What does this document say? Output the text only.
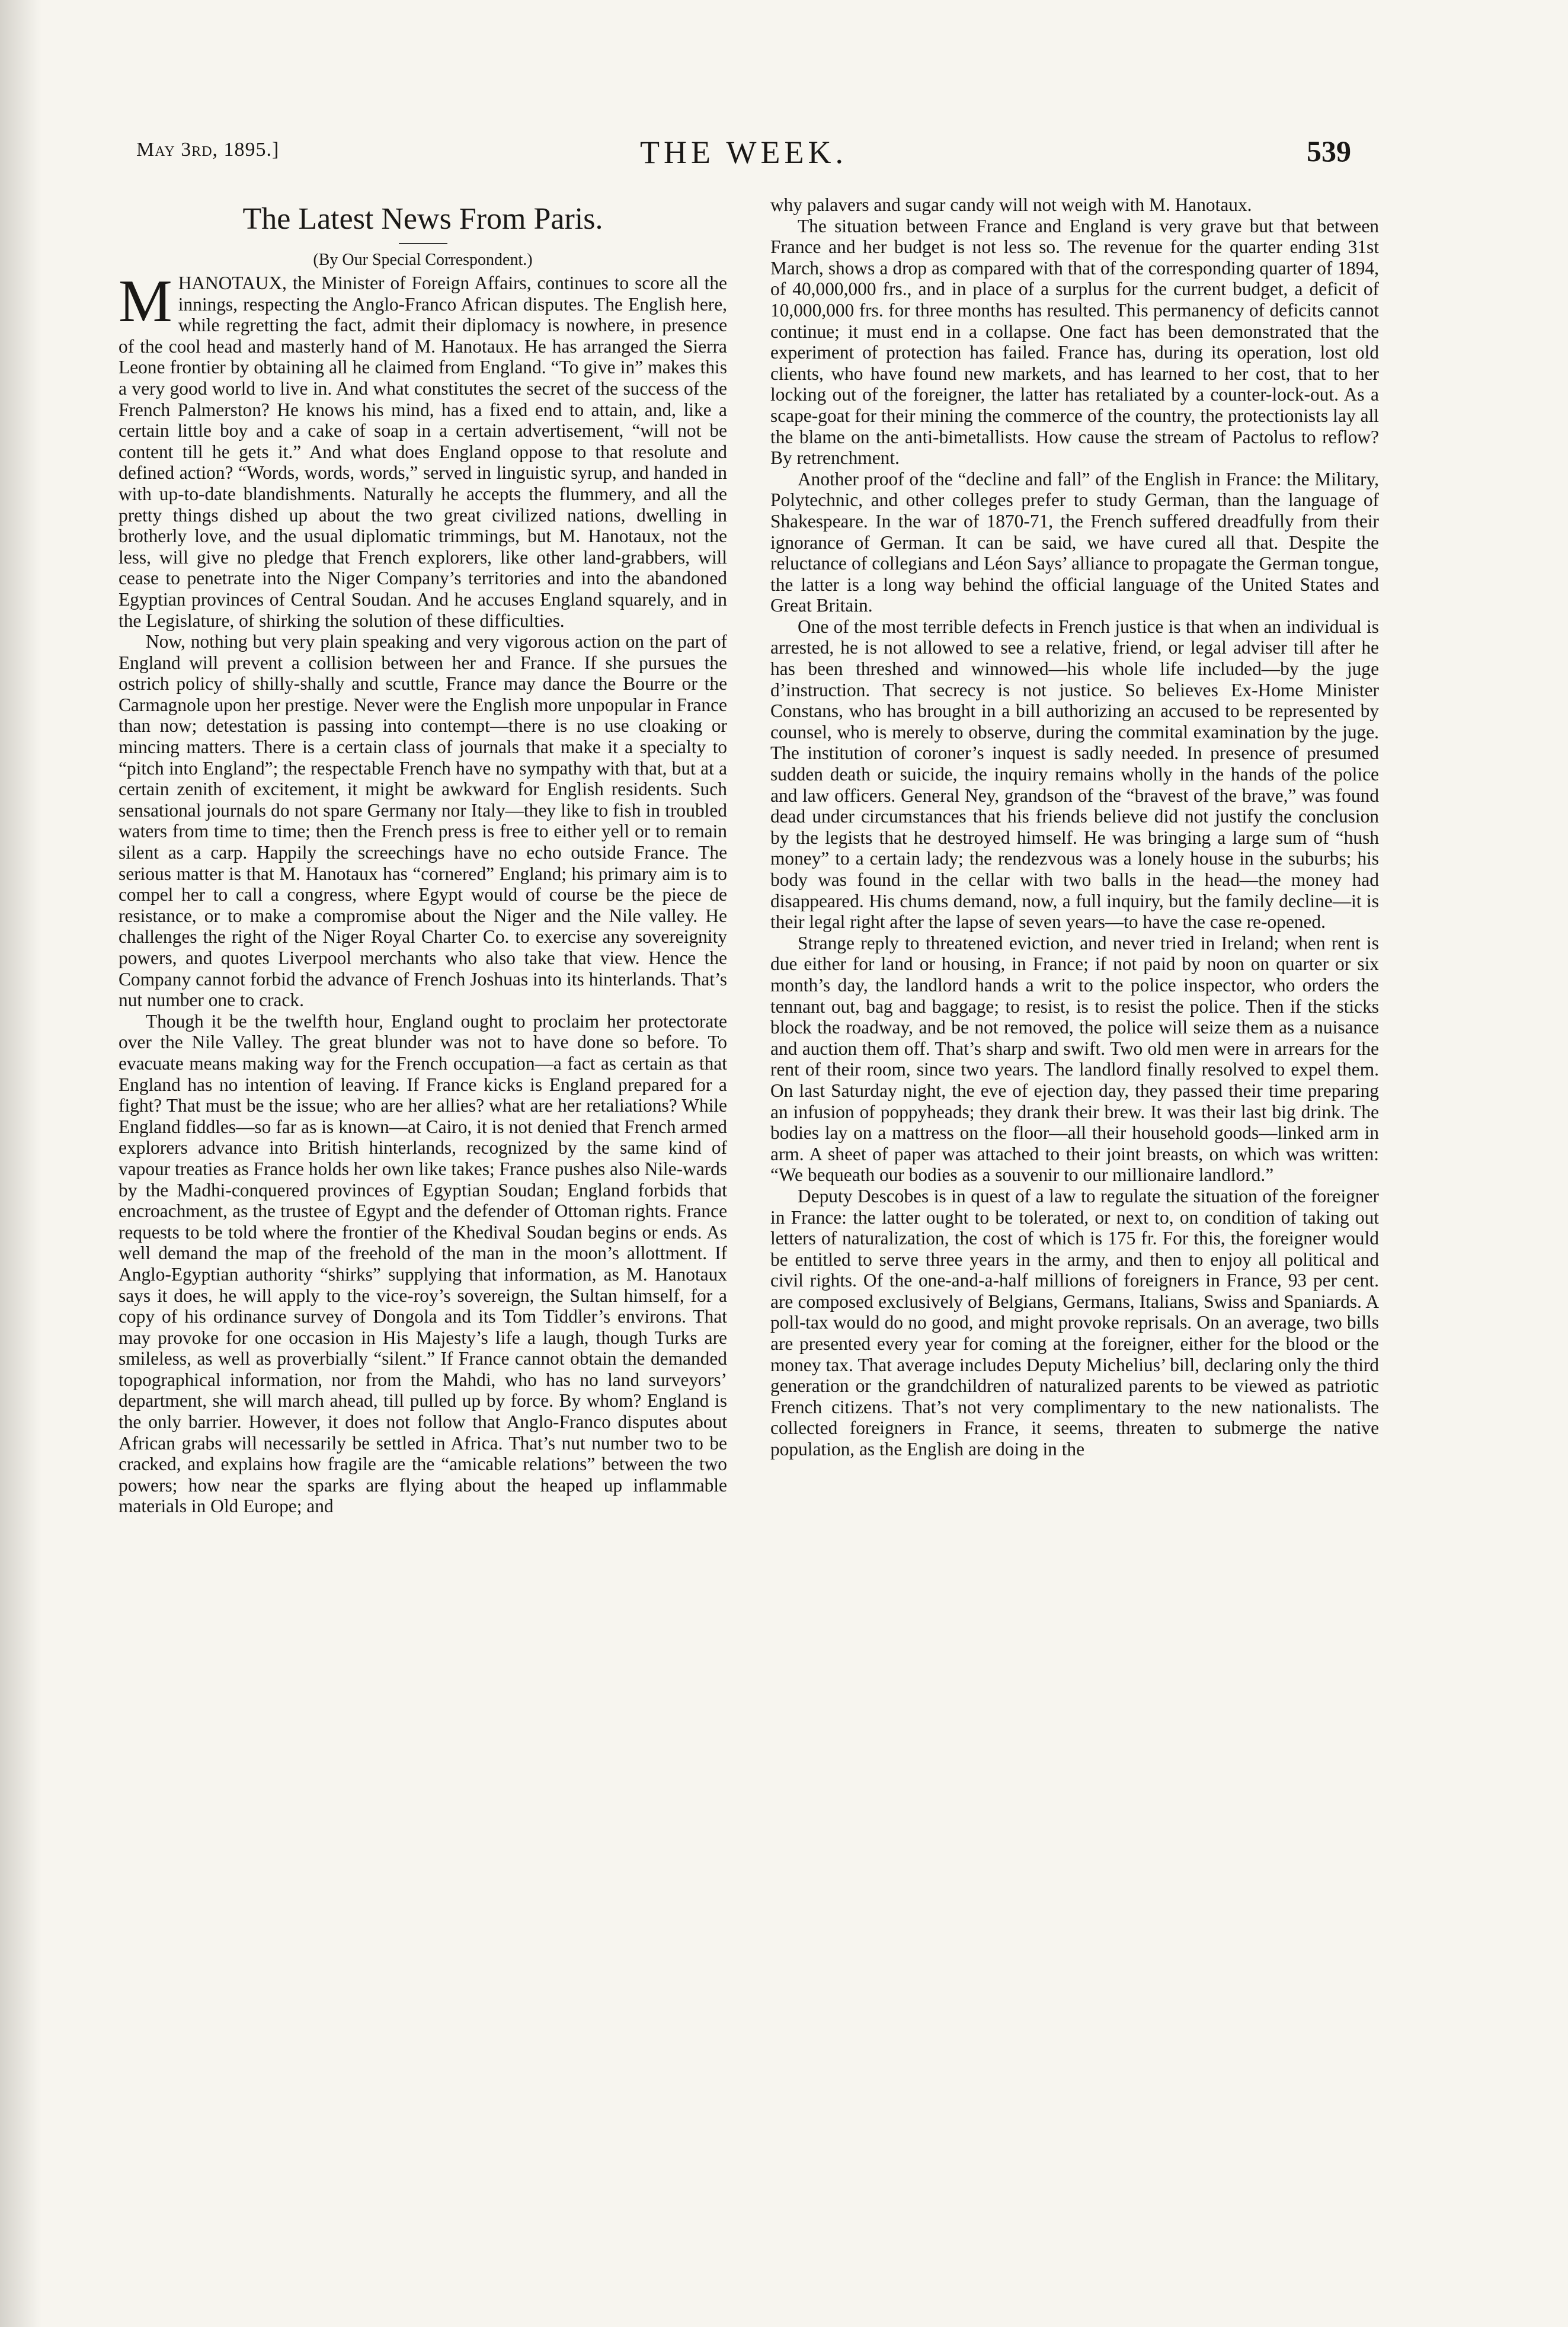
May 3rd, 1895.]	THE WEEK.	539
The Latest News From Paris.
(By Our Special Correspondent.)

MHANOTAUX, the Minister of Foreign Affairs, continues to score all the innings, respecting the Anglo-Franco African disputes. The English here, while regretting the fact, admit their diplomacy is nowhere, in presence of the cool head and masterly hand of M. Hanotaux. He has arranged the Sierra Leone frontier by obtaining all he claimed from England. “To give in” makes this a very good world to live in. And what constitutes the secret of the success of the French Palmerston? He knows his mind, has a fixed end to attain, and, like a certain little boy and a cake of soap in a certain advertisement, “will not be content till he gets it.” And what does England oppose to that resolute and defined action? “Words, words, words,” served in linguistic syrup, and handed in with up-to-date blandishments. Naturally he accepts the flummery, and all the pretty things dished up about the two great civilized nations, dwelling in brotherly love, and the usual diplomatic trimmings, but M. Hanotaux, not the less, will give no pledge that French explorers, like other land-grabbers, will cease to penetrate into the Niger Company’s territories and into the abandoned Egyptian provinces of Central Soudan. And he accuses England squarely, and in the Legislature, of shirking the solution of these difficulties.

Now, nothing but very plain speaking and very vigorous action on the part of England will prevent a collision between her and France. If she pursues the ostrich policy of shilly-shally and scuttle, France may dance the Bourre or the Carmagnole upon her prestige. Never were the English more unpopular in France than now; detestation is passing into contempt—there is no use cloaking or mincing matters. There is a certain class of journals that make it a specialty to “pitch into England”; the respectable French have no sympathy with that, but at a certain zenith of excitement, it might be awkward for English residents. Such sensational journals do not spare Germany nor Italy—they like to fish in troubled waters from time to time; then the French press is free to either yell or to remain silent as a carp. Happily the screechings have no echo outside France. The serious matter is that M. Hanotaux has “cornered” England; his primary aim is to compel her to call a congress, where Egypt would of course be the piece de resistance, or to make a compromise about the Niger and the Nile valley. He challenges the right of the Niger Royal Charter Co. to exercise any sovereignity powers, and quotes Liverpool merchants who also take that view. Hence the Company cannot forbid the advance of French Joshuas into its hinterlands. That’s nut number one to crack.

Though it be the twelfth hour, England ought to proclaim her protectorate over the Nile Valley. The great blunder was not to have done so before. To evacuate means making way for the French occupation—a fact as certain as that England has no intention of leaving. If France kicks is England prepared for a fight? That must be the issue; who are her allies? what are her retaliations? While England fiddles—so far as is known—at Cairo, it is not denied that French armed explorers advance into British hinterlands, recognized by the same kind of vapour treaties as France holds her own like takes; France pushes also Nile-wards by the Madhi-conquered provinces of Egyptian Soudan; England forbids that encroachment, as the trustee of Egypt and the defender of Ottoman rights. France requests to be told where the frontier of the Khedival Soudan begins or ends. As well demand the map of the freehold of the man in the moon’s allottment. If Anglo-Egyptian authority “shirks” supplying that information, as M. Hanotaux says it does, he will apply to the vice-roy’s sovereign, the Sultan himself, for a copy of his ordinance survey of Dongola and its Tom Tiddler’s environs. That may provoke for one occasion in His Majesty’s life a laugh, though Turks are smileless, as well as proverbially “silent.” If France cannot obtain the demanded topographical information, nor from the Mahdi, who has no land surveyors’ department, she will march ahead, till pulled up by force. By whom? England is the only barrier. However, it does not follow that Anglo-Franco disputes about African grabs will necessarily be settled in Africa. That’s nut number two to be cracked, and explains how fragile are the “amicable relations” between the two powers; how near the sparks are flying about the heaped up inflammable materials in Old Europe; and

why palavers and sugar candy will not weigh with M. Hanotaux.

The situation between France and England is very grave but that between France and her budget is not less so. The revenue for the quarter ending 31st March, shows a drop as compared with that of the corresponding quarter of 1894, of 40,000,000 frs., and in place of a surplus for the current budget, a deficit of 10,000,000 frs. for three months has resulted. This permanency of deficits cannot continue; it must end in a collapse. One fact has been demonstrated that the experiment of protection has failed. France has, during its operation, lost old clients, who have found new markets, and has learned to her cost, that to her locking out of the foreigner, the latter has retaliated by a counter-lock-out. As a scape-goat for their mining the commerce of the country, the protectionists lay all the blame on the anti-bimetallists. How cause the stream of Pactolus to reflow? By retrenchment.

Another proof of the “decline and fall” of the English in France: the Military, Polytechnic, and other colleges prefer to study German, than the language of Shakespeare. In the war of 1870-71, the French suffered dreadfully from their ignorance of German. It can be said, we have cured all that. Despite the reluctance of collegians and Léon Says’ alliance to propagate the German tongue, the latter is a long way behind the official language of the United States and Great Britain.

One of the most terrible defects in French justice is that when an individual is arrested, he is not allowed to see a relative, friend, or legal adviser till after he has been threshed and winnowed—his whole life included—by the juge d’instruction. That secrecy is not justice. So believes Ex-Home Minister Constans, who has brought in a bill authorizing an accused to be represented by counsel, who is merely to observe, during the commital examination by the juge. The institution of coroner’s inquest is sadly needed. In presence of presumed sudden death or suicide, the inquiry remains wholly in the hands of the police and law officers. General Ney, grandson of the “bravest of the brave,” was found dead under circumstances that his friends believe did not justify the conclusion by the legists that he destroyed himself. He was bringing a large sum of “hush money” to a certain lady; the rendezvous was a lonely house in the suburbs; his body was found in the cellar with two balls in the head—the money had disappeared. His chums demand, now, a full inquiry, but the family decline—it is their legal right after the lapse of seven years—to have the case re-opened.

Strange reply to threatened eviction, and never tried in Ireland; when rent is due either for land or housing, in France; if not paid by noon on quarter or six month’s day, the landlord hands a writ to the police inspector, who orders the tennant out, bag and baggage; to resist, is to resist the police. Then if the sticks block the roadway, and be not removed, the police will seize them as a nuisance and auction them off. That’s sharp and swift. Two old men were in arrears for the rent of their room, since two years. The landlord finally resolved to expel them. On last Saturday night, the eve of ejection day, they passed their time preparing an infusion of poppyheads; they drank their brew. It was their last big drink. The bodies lay on a mattress on the floor—all their household goods—linked arm in arm. A sheet of paper was attached to their joint breasts, on which was written: “We bequeath our bodies as a souvenir to our millionaire landlord.”

Deputy Descobes is in quest of a law to regulate the situation of the foreigner in France: the latter ought to be tolerated, or next to, on condition of taking out letters of naturalization, the cost of which is 175 fr. For this, the foreigner would be entitled to serve three years in the army, and then to enjoy all political and civil rights. Of the one-and-a-half millions of foreigners in France, 93 per cent. are composed exclusively of Belgians, Germans, Italians, Swiss and Spaniards. A poll-tax would do no good, and might provoke reprisals. On an average, two bills are presented every year for coming at the foreigner, either for the blood or the money tax. That average includes Deputy Michelius’ bill, declaring only the third generation or the grandchildren of naturalized parents to be viewed as patriotic French citizens. That’s not very complimentary to the new nationalists. The collected foreigners in France, it seems, threaten to submerge the native population, as the English are doing in the
